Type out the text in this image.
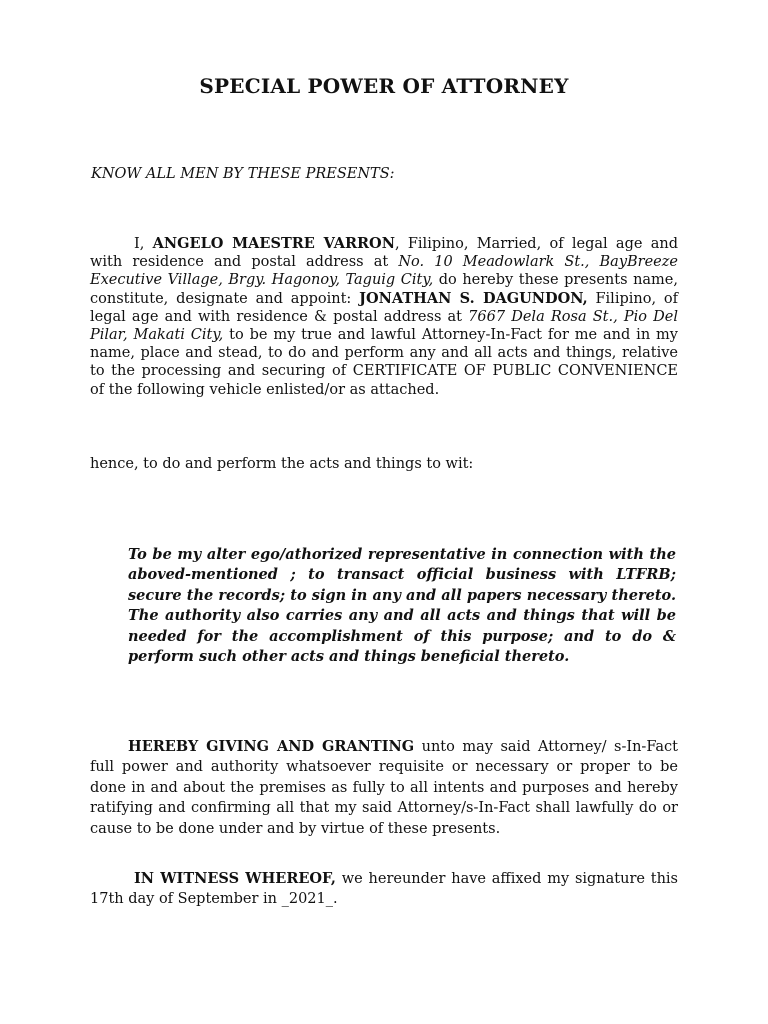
SPECIAL POWER OF ATTORNEY
KNOW ALL MEN BY THESE PRESENTS:
I, ANGELO MAESTRE VARRON, Filipino, Married, of legal age and with residence and postal address at No. 10 Meadowlark St., BayBreeze Executive Village, Brgy. Hagonoy, Taguig City, do hereby these presents name, constitute, designate and appoint: JONATHAN S. DAGUNDON, Filipino, of legal age and with residence & postal address at 7667 Dela Rosa St., Pio Del Pilar, Makati City, to be my true and lawful Attorney-In-Fact for me and in my name, place and stead, to do and perform any and all acts and things, relative to the processing and securing of CERTIFICATE OF PUBLIC CONVENIENCE of the following vehicle enlisted/or as attached.
hence, to do and perform the acts and things to wit:
To be my alter ego/athorized representative in connection with the aboved-mentioned ; to transact official business with LTFRB; secure the records; to sign in any and all papers necessary thereto. The authority also carries any and all acts and things that will be needed for the accomplishment of this purpose; and to do & perform such other acts and things beneficial thereto.
HEREBY GIVING AND GRANTING unto may said Attorney/ s-In-Fact full power and authority whatsoever requisite or necessary or proper to be done in and about the premises as fully to all intents and purposes and hereby ratifying and confirming all that my said Attorney/s-In-Fact shall lawfully do or cause to be done under and by virtue of these presents.
IN WITNESS WHEREOF, we hereunder have affixed my signature this 17th day of September in _2021_.
